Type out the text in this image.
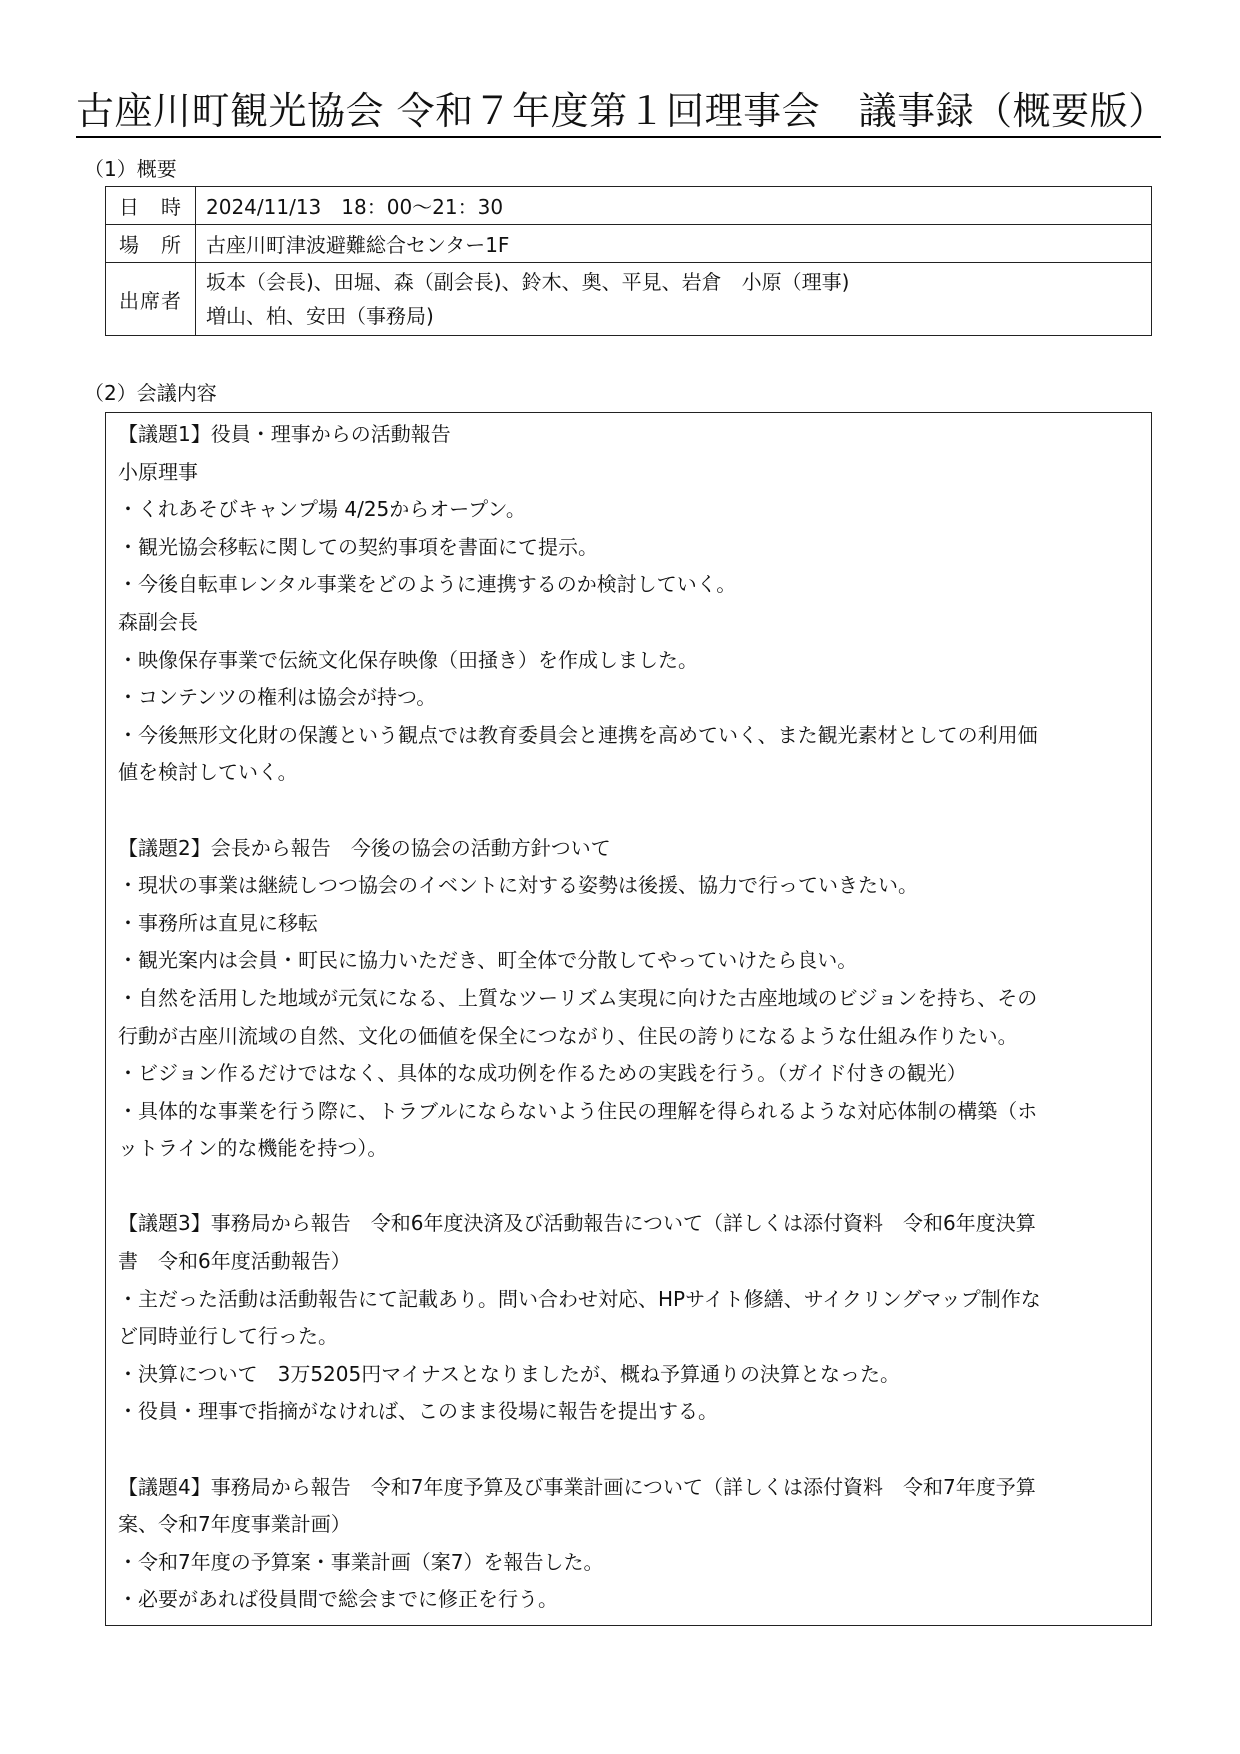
古座川町観光協会 令和７年度第１回理事会　議事録（概要版）
（1）概要
日　時	2024/11/13　18：00～21：30
場　所	古座川町津波避難総合センター1F
出席者	坂本（会長)、田堀、森（副会長)、鈴木、奥、平見、岩倉　小原（理事)
増山、柏、安田（事務局)
（2）会議内容
【議題1】役員・理事からの活動報告
小原理事
・くれあそびキャンプ場 4/25からオープン。
・観光協会移転に関しての契約事項を書面にて提示。
・今後自転車レンタル事業をどのように連携するのか検討していく。
森副会長
・映像保存事業で伝統文化保存映像（田掻き）を作成しました。
・コンテンツの権利は協会が持つ。
・今後無形文化財の保護という観点では教育委員会と連携を高めていく、また観光素材としての利用価
値を検討していく。
【議題2】会長から報告　今後の協会の活動方針ついて
・現状の事業は継続しつつ協会のイベントに対する姿勢は後援、協力で行っていきたい。
・事務所は直見に移転
・観光案内は会員・町民に協力いただき、町全体で分散してやっていけたら良い。
・自然を活用した地域が元気になる、上質なツーリズム実現に向けた古座地域のビジョンを持ち、その
行動が古座川流域の自然、文化の価値を保全につながり、住民の誇りになるような仕組み作りたい。
・ビジョン作るだけではなく、具体的な成功例を作るための実践を行う。（ガイド付きの観光）
・具体的な事業を行う際に、トラブルにならないよう住民の理解を得られるような対応体制の構築（ホ
ットライン的な機能を持つ）。
【議題3】事務局から報告　令和6年度決済及び活動報告について（詳しくは添付資料　令和6年度決算
書　令和6年度活動報告）
・主だった活動は活動報告にて記載あり。問い合わせ対応、HPサイト修繕、サイクリングマップ制作な
ど同時並行して行った。
・決算について　3万5205円マイナスとなりましたが、概ね予算通りの決算となった。
・役員・理事で指摘がなければ、このまま役場に報告を提出する。
【議題4】事務局から報告　令和7年度予算及び事業計画について（詳しくは添付資料　令和7年度予算
案、令和7年度事業計画）
・令和7年度の予算案・事業計画（案7）を報告した。
・必要があれば役員間で総会までに修正を行う。
